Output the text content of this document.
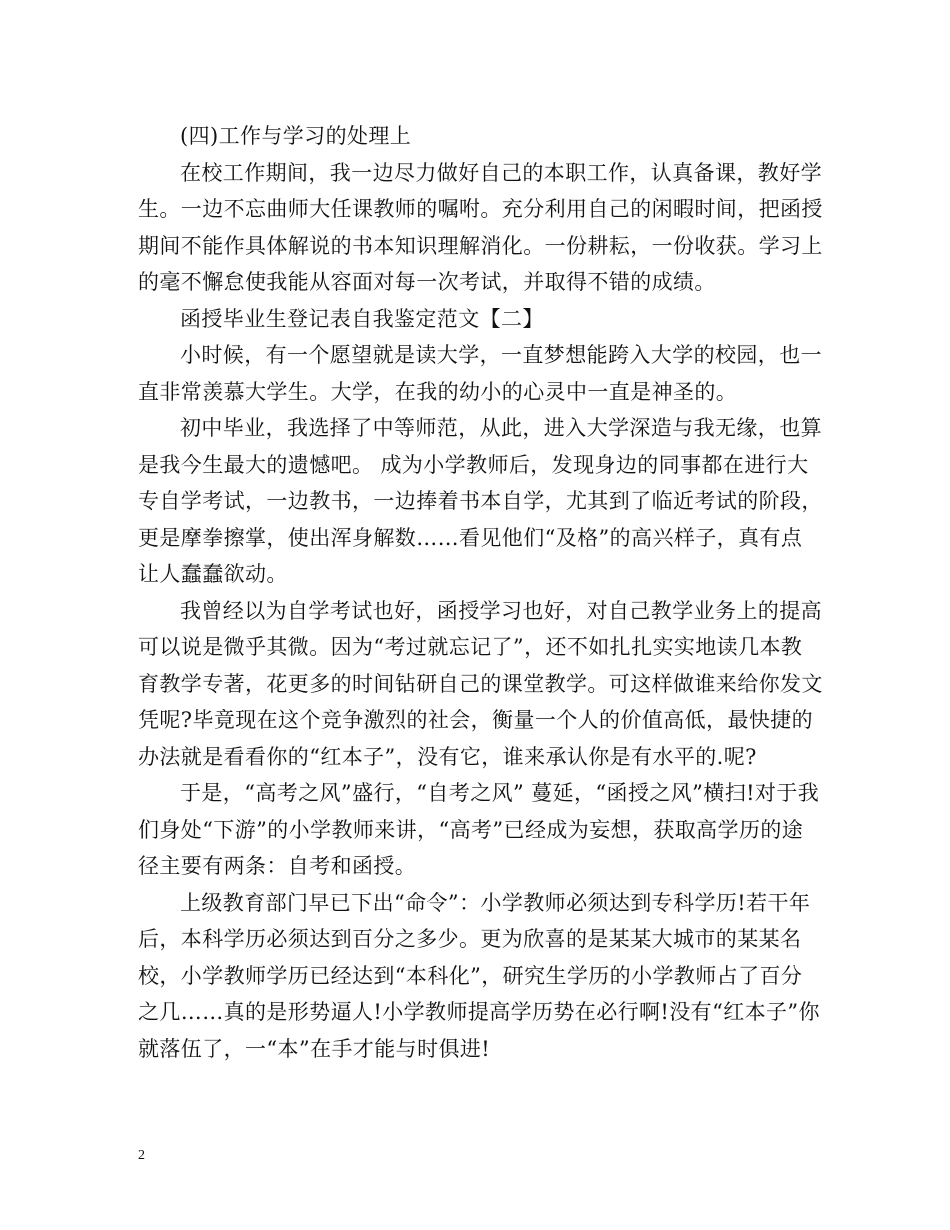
(四)工作与学习的处理上

在校工作期间，我一边尽力做好自己的本职工作，认真备课，教好学生。一边不忘曲师大任课教师的嘱咐。充分利用自己的闲暇时间，把函授期间不能作具体解说的书本知识理解消化。一份耕耘，一份收获。学习上的毫不懈怠使我能从容面对每一次考试，并取得不错的成绩。

函授毕业生登记表自我鉴定范文【二】

小时候，有一个愿望就是读大学，一直梦想能跨入大学的校园，也一直非常羡慕大学生。大学，在我的幼小的心灵中一直是神圣的。

初中毕业，我选择了中等师范，从此，进入大学深造与我无缘，也算是我今生最大的遗憾吧。 成为小学教师后，发现身边的同事都在进行大专自学考试，一边教书，一边捧着书本自学，尤其到了临近考试的阶段，更是摩拳擦掌，使出浑身解数……看见他们“及格”的高兴样子，真有点让人蠢蠢欲动。

我曾经以为自学考试也好，函授学习也好，对自己教学业务上的提高可以说是微乎其微。因为“考过就忘记了”，还不如扎扎实实地读几本教育教学专著，花更多的时间钻研自己的课堂教学。可这样做谁来给你发文凭呢?毕竟现在这个竞争激烈的社会，衡量一个人的价值高低，最快捷的办法就是看看你的“红本子”，没有它，谁来承认你是有水平的.呢?

于是，“高考之风”盛行，“自考之风” 蔓延，“函授之风”横扫!对于我们身处“下游”的小学教师来讲，“高考”已经成为妄想，获取高学历的途径主要有两条：自考和函授。

上级教育部门早已下出“命令”：小学教师必须达到专科学历!若干年后，本科学历必须达到百分之多少。更为欣喜的是某某大城市的某某名校，小学教师学历已经达到“本科化”，研究生学历的小学教师占了百分之几……真的是形势逼人!小学教师提高学历势在必行啊!没有“红本子”你就落伍了，一“本”在手才能与时俱进!

2
